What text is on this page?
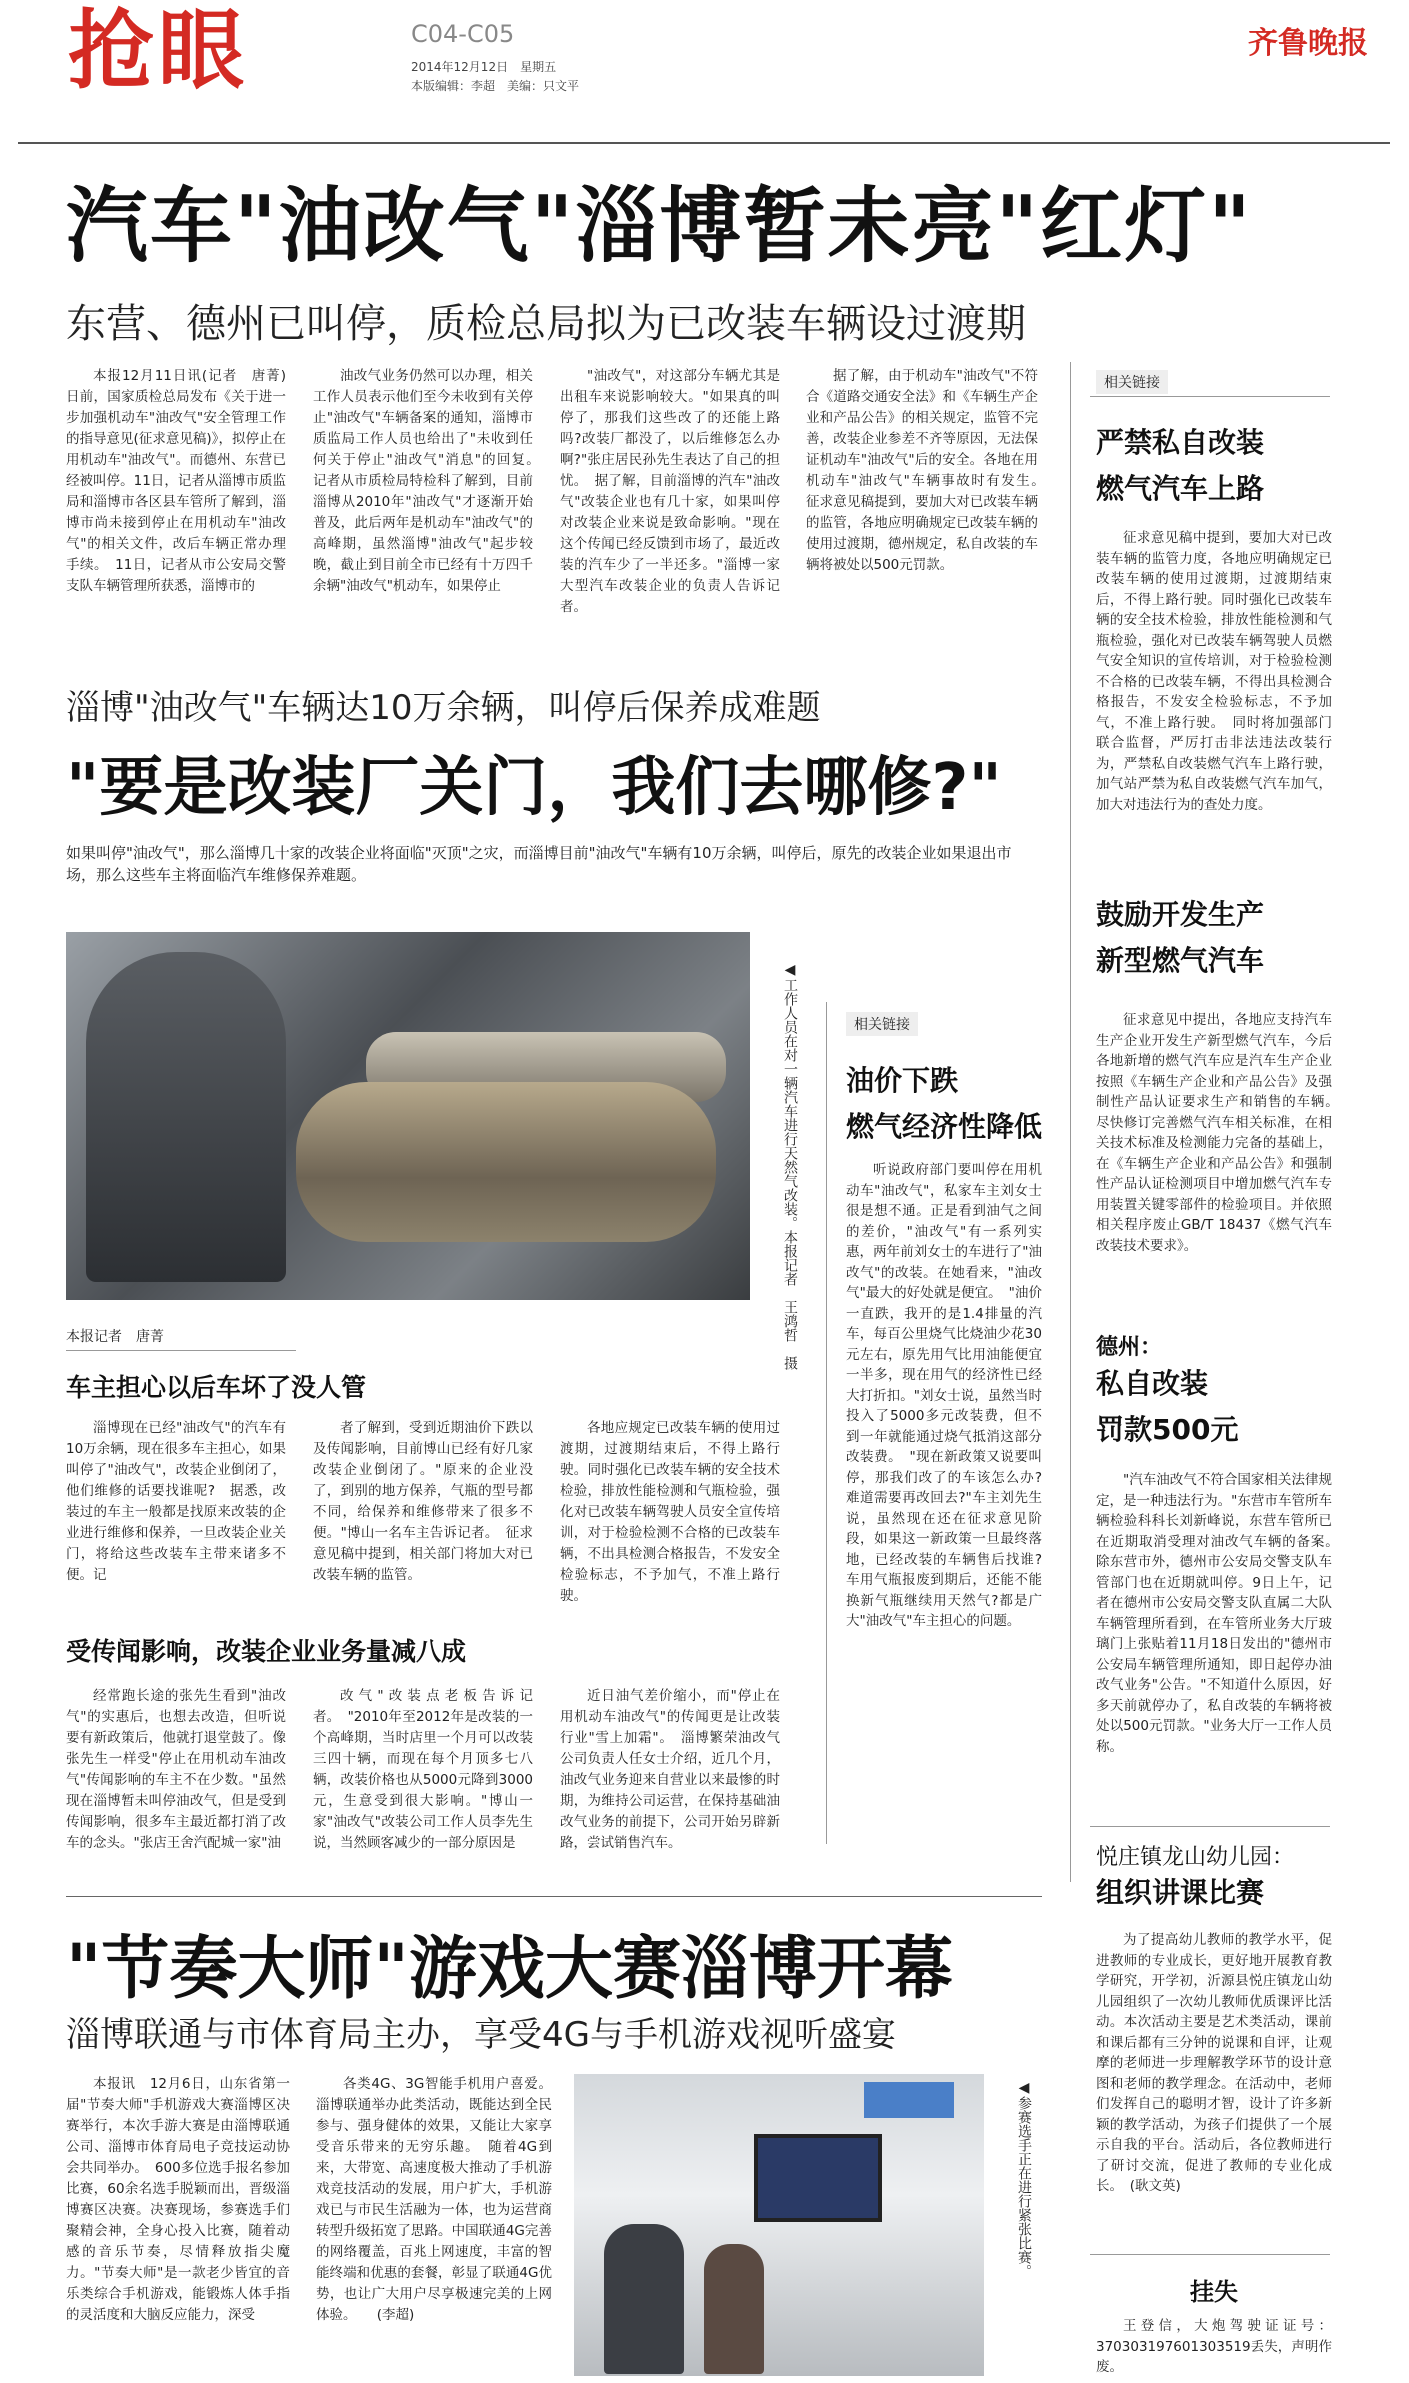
抢眼	C04-C05
2014年12月12日　星期五
本版编辑：李超　美编：只文平
齐鲁晚报
汽车"油改气"淄博暂未亮"红灯"
东营、德州已叫停，质检总局拟为已改装车辆设过渡期

本报12月11日讯(记者　唐菁)　日前，国家质检总局发布《关于进一步加强机动车"油改气"安全管理工作的指导意见(征求意见稿)》，拟停止在用机动车"油改气"。而德州、东营已经被叫停。11日，记者从淄博市质监局和淄博市各区县车管所了解到，淄博市尚未接到停止在用机动车"油改气"的相关文件，改后车辆正常办理手续。　11日，记者从市公安局交警支队车辆管理所获悉，淄博市的

油改气业务仍然可以办理，相关工作人员表示他们至今未收到有关停止"油改气"车辆备案的通知，淄博市质监局工作人员也给出了"未收到任何关于停止"油改气"消息"的回复。　记者从市质检局特检科了解到，目前淄博从2010年"油改气"才逐渐开始普及，此后两年是机动车"油改气"的高峰期，虽然淄博"油改气"起步较晚，截止到目前全市已经有十万四千余辆"油改气"机动车，如果停止

"油改气"，对这部分车辆尤其是出租车来说影响较大。"如果真的叫停了，那我们这些改了的还能上路吗?改装厂都没了，以后维修怎么办啊?"张庄居民孙先生表达了自己的担忧。　据了解，目前淄博的汽车"油改气"改装企业也有几十家，如果叫停对改装企业来说是致命影响。"现在这个传闻已经反馈到市场了，最近改装的汽车少了一半还多。"淄博一家大型汽车改装企业的负责人告诉记者。

据了解，由于机动车"油改气"不符合《道路交通安全法》和《车辆生产企业和产品公告》的相关规定，监管不完善，改装企业参差不齐等原因，无法保证机动车"油改气"后的安全。各地在用机动车"油改气"车辆事故时有发生。　征求意见稿提到，要加大对已改装车辆的监管，各地应明确规定已改装车辆的使用过渡期，德州规定，私自改装的车辆将被处以500元罚款。

淄博"油改气"车辆达10万余辆，叫停后保养成难题
"要是改装厂关门，我们去哪修?"
如果叫停"油改气"，那么淄博几十家的改装企业将面临"灭顶"之灾，而淄博目前"油改气"车辆有10万余辆，叫停后，原先的改装企业如果退出市场，那么这些车主将面临汽车维修保养难题。
◀工作人员在对一辆汽车进行天然气改装。本报记者　王鸿哲　摄
本报记者　唐菁
车主担心以后车坏了没人管

淄博现在已经"油改气"的汽车有10万余辆，现在很多车主担心，如果叫停了"油改气"，改装企业倒闭了，他们维修的话要找谁呢?　据悉，改装过的车主一般都是找原来改装的企业进行维修和保养，一旦改装企业关门，将给这些改装车主带来诸多不便。记

者了解到，受到近期油价下跌以及传闻影响，目前博山已经有好几家改装企业倒闭了。"原来的企业没了，到别的地方保养，气瓶的型号都不同，给保养和维修带来了很多不便。"博山一名车主告诉记者。　征求意见稿中提到，相关部门将加大对已改装车辆的监管。

各地应规定已改装车辆的使用过渡期，过渡期结束后，不得上路行驶。同时强化已改装车辆的安全技术检验，排放性能检测和气瓶检验，强化对已改装车辆驾驶人员安全宣传培训，对于检验检测不合格的已改装车辆，不出具检测合格报告，不发安全检验标志，不予加气，不准上路行驶。

受传闻影响，改装企业业务量减八成

经常跑长途的张先生看到"油改气"的实惠后，也想去改造，但听说要有新政策后，他就打退堂鼓了。像张先生一样受"停止在用机动车油改气"传闻影响的车主不在少数。"虽然现在淄博暂未叫停油改气，但是受到传闻影响，很多车主最近都打消了改车的念头。"张店王舍汽配城一家"油

改气"改装点老板告诉记者。　"2010年至2012年是改装的一个高峰期，当时店里一个月可以改装三四十辆，而现在每个月顶多七八辆，改装价格也从5000元降到3000元，生意受到很大影响。"博山一家"油改气"改装公司工作人员李先生说，当然顾客减少的一部分原因是

近日油气差价缩小，而"停止在用机动车油改气"的传闻更是让改装行业"雪上加霜"。　淄博繁荣油改气公司负责人任女士介绍，近几个月，油改气业务迎来自营业以来最惨的时期，为维持公司运营，在保持基础油改气业务的前提下，公司开始另辟新路，尝试销售汽车。

相关链接
油价下跌
燃气经济性降低

听说政府部门要叫停在用机动车"油改气"，私家车主刘女士很是想不通。正是看到油气之间的差价，"油改气"有一系列实惠，两年前刘女士的车进行了"油改气"的改装。在她看来，"油改气"最大的好处就是便宜。　"油价一直跌，我开的是1.4排量的汽车，每百公里烧气比烧油少花30元左右，原先用气比用油能便宜一半多，现在用气的经济性已经大打折扣。"刘女士说，虽然当时投入了5000多元改装费，但不到一年就能通过烧气抵消这部分改装费。　"现在新政策又说要叫停，那我们改了的车该怎么办?难道需要再改回去?"车主刘先生说，虽然现在还在征求意见阶段，如果这一新政策一旦最终落地，已经改装的车辆售后找谁?车用气瓶报废到期后，还能不能换新气瓶继续用天然气?都是广大"油改气"车主担心的问题。

相关链接
严禁私自改装
燃气汽车上路

征求意见稿中提到，要加大对已改装车辆的监管力度，各地应明确规定已改装车辆的使用过渡期，过渡期结束后，不得上路行驶。同时强化已改装车辆的安全技术检验，排放性能检测和气瓶检验，强化对已改装车辆驾驶人员燃气安全知识的宣传培训，对于检验检测不合格的已改装车辆，不得出具检测合格报告，不发安全检验标志，不予加气，不准上路行驶。　同时将加强部门联合监督，严厉打击非法违法改装行为，严禁私自改装燃气汽车上路行驶，加气站严禁为私自改装燃气汽车加气，加大对违法行为的查处力度。

鼓励开发生产
新型燃气汽车

征求意见中提出，各地应支持汽车生产企业开发生产新型燃气汽车，今后各地新增的燃气汽车应是汽车生产企业按照《车辆生产企业和产品公告》及强制性产品认证要求生产和销售的车辆。　尽快修订完善燃气汽车相关标准，在相关技术标准及检测能力完备的基础上，在《车辆生产企业和产品公告》和强制性产品认证检测项目中增加燃气汽车专用装置关键零部件的检验项目。并依照相关程序废止GB/T 18437《燃气汽车改装技术要求》。

德州：
私自改装
罚款500元

"汽车油改气不符合国家相关法律规定，是一种违法行为。"东营市车管所车辆检验科科长刘新峰说，东营车管所已在近期取消受理对油改气车辆的备案。　除东营市外，德州市公安局交警支队车管部门也在近期就叫停。9日上午，记者在德州市公安局交警支队直属二大队车辆管理所看到，在车管所业务大厅玻璃门上张贴着11月18日发出的"德州市公安局车辆管理所通知，即日起停办油改气业务"公告。"不知道什么原因，好多天前就停办了，私自改装的车辆将被处以500元罚款。"业务大厅一工作人员称。

悦庄镇龙山幼儿园：
组织讲课比赛

为了提高幼儿教师的教学水平，促进教师的专业成长，更好地开展教育教学研究，开学初，沂源县悦庄镇龙山幼儿园组织了一次幼儿教师优质课评比活动。本次活动主要是艺术类活动，课前和课后都有三分钟的说课和自评，让观摩的老师进一步理解教学环节的设计意图和老师的教学理念。在活动中，老师们发挥自己的聪明才智，设计了许多新颖的教学活动，为孩子们提供了一个展示自我的平台。活动后，各位教师进行了研讨交流，促进了教师的专业化成长。　(耿文英)

挂失

王登信，大炮驾驶证证号：370303197601303519丢失，声明作废。

"节奏大师"游戏大赛淄博开幕
淄博联通与市体育局主办，享受4G与手机游戏视听盛宴

本报讯　12月6日，山东省第一届"节奏大师"手机游戏大赛淄博区决赛举行，本次手游大赛是由淄博联通公司、淄博市体育局电子竞技运动协会共同举办。　600多位选手报名参加比赛，60余名选手脱颖而出，晋级淄博赛区决赛。决赛现场，参赛选手们聚精会神，全身心投入比赛，随着动感的音乐节奏，尽情释放指尖魔力。"节奏大师"是一款老少皆宜的音乐类综合手机游戏，能锻炼人体手指的灵活度和大脑反应能力，深受

各类4G、3G智能手机用户喜爱。淄博联通举办此类活动，既能达到全民参与、强身健体的效果，又能让大家享受音乐带来的无穷乐趣。　随着4G到来，大带宽、高速度极大推动了手机游戏竞技活动的发展，用户扩大，手机游戏已与市民生活融为一体，也为运营商转型升级拓宽了思路。中国联通4G完善的网络覆盖，百兆上网速度，丰富的智能终端和优惠的套餐，彰显了联通4G优势，也让广大用户尽享极速完美的上网体验。　　(李超)

◀参赛选手正在进行紧张比赛。
